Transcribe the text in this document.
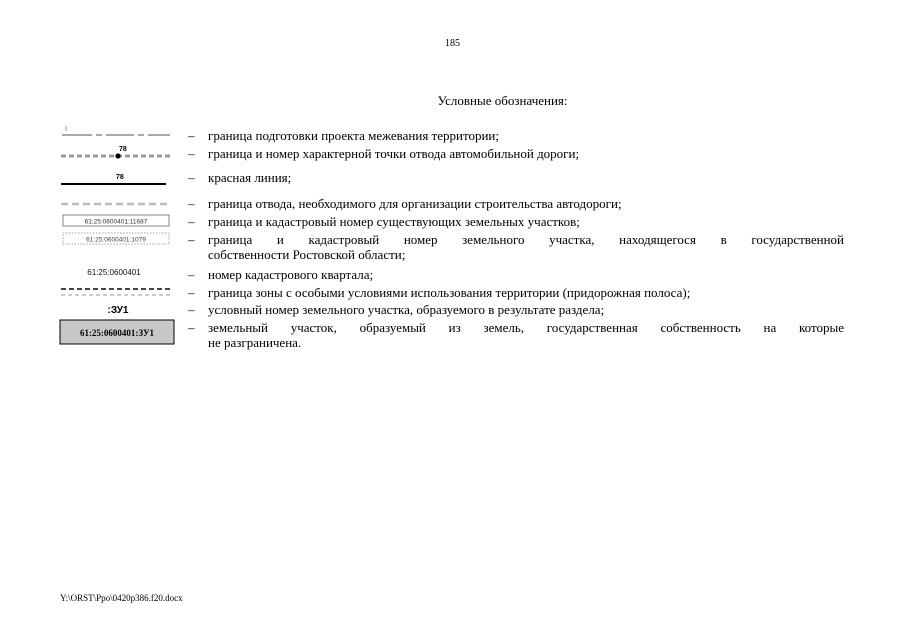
185
Условные обозначения:
– граница подготовки проекта межевания территории;
78	– граница и номер характерной точки отвода автомобильной дороги;
78	– красная линия;
– граница отвода, необходимого для организации строительства автодороги;
61:25:0600401:11687	– граница и кадастровый номер существующих земельных участков;
61:25:0600401:1079	– граница и кадастровый номер земельного участка, находящегося в государственной
собственности Ростовской области;
61:25:0600401	– номер кадастрового квартала;
– граница зоны с особыми условиями использования территории (придорожная полоса);
:ЗУ1	– условный номер земельного участка, образуемого в результате раздела;
61:25:0600401:ЗУ1	– земельный участок, образуемый из земель, государственная собственность на которые
не разграничена.
Y:\ORST\Ppo\0420p386.f20.docx
